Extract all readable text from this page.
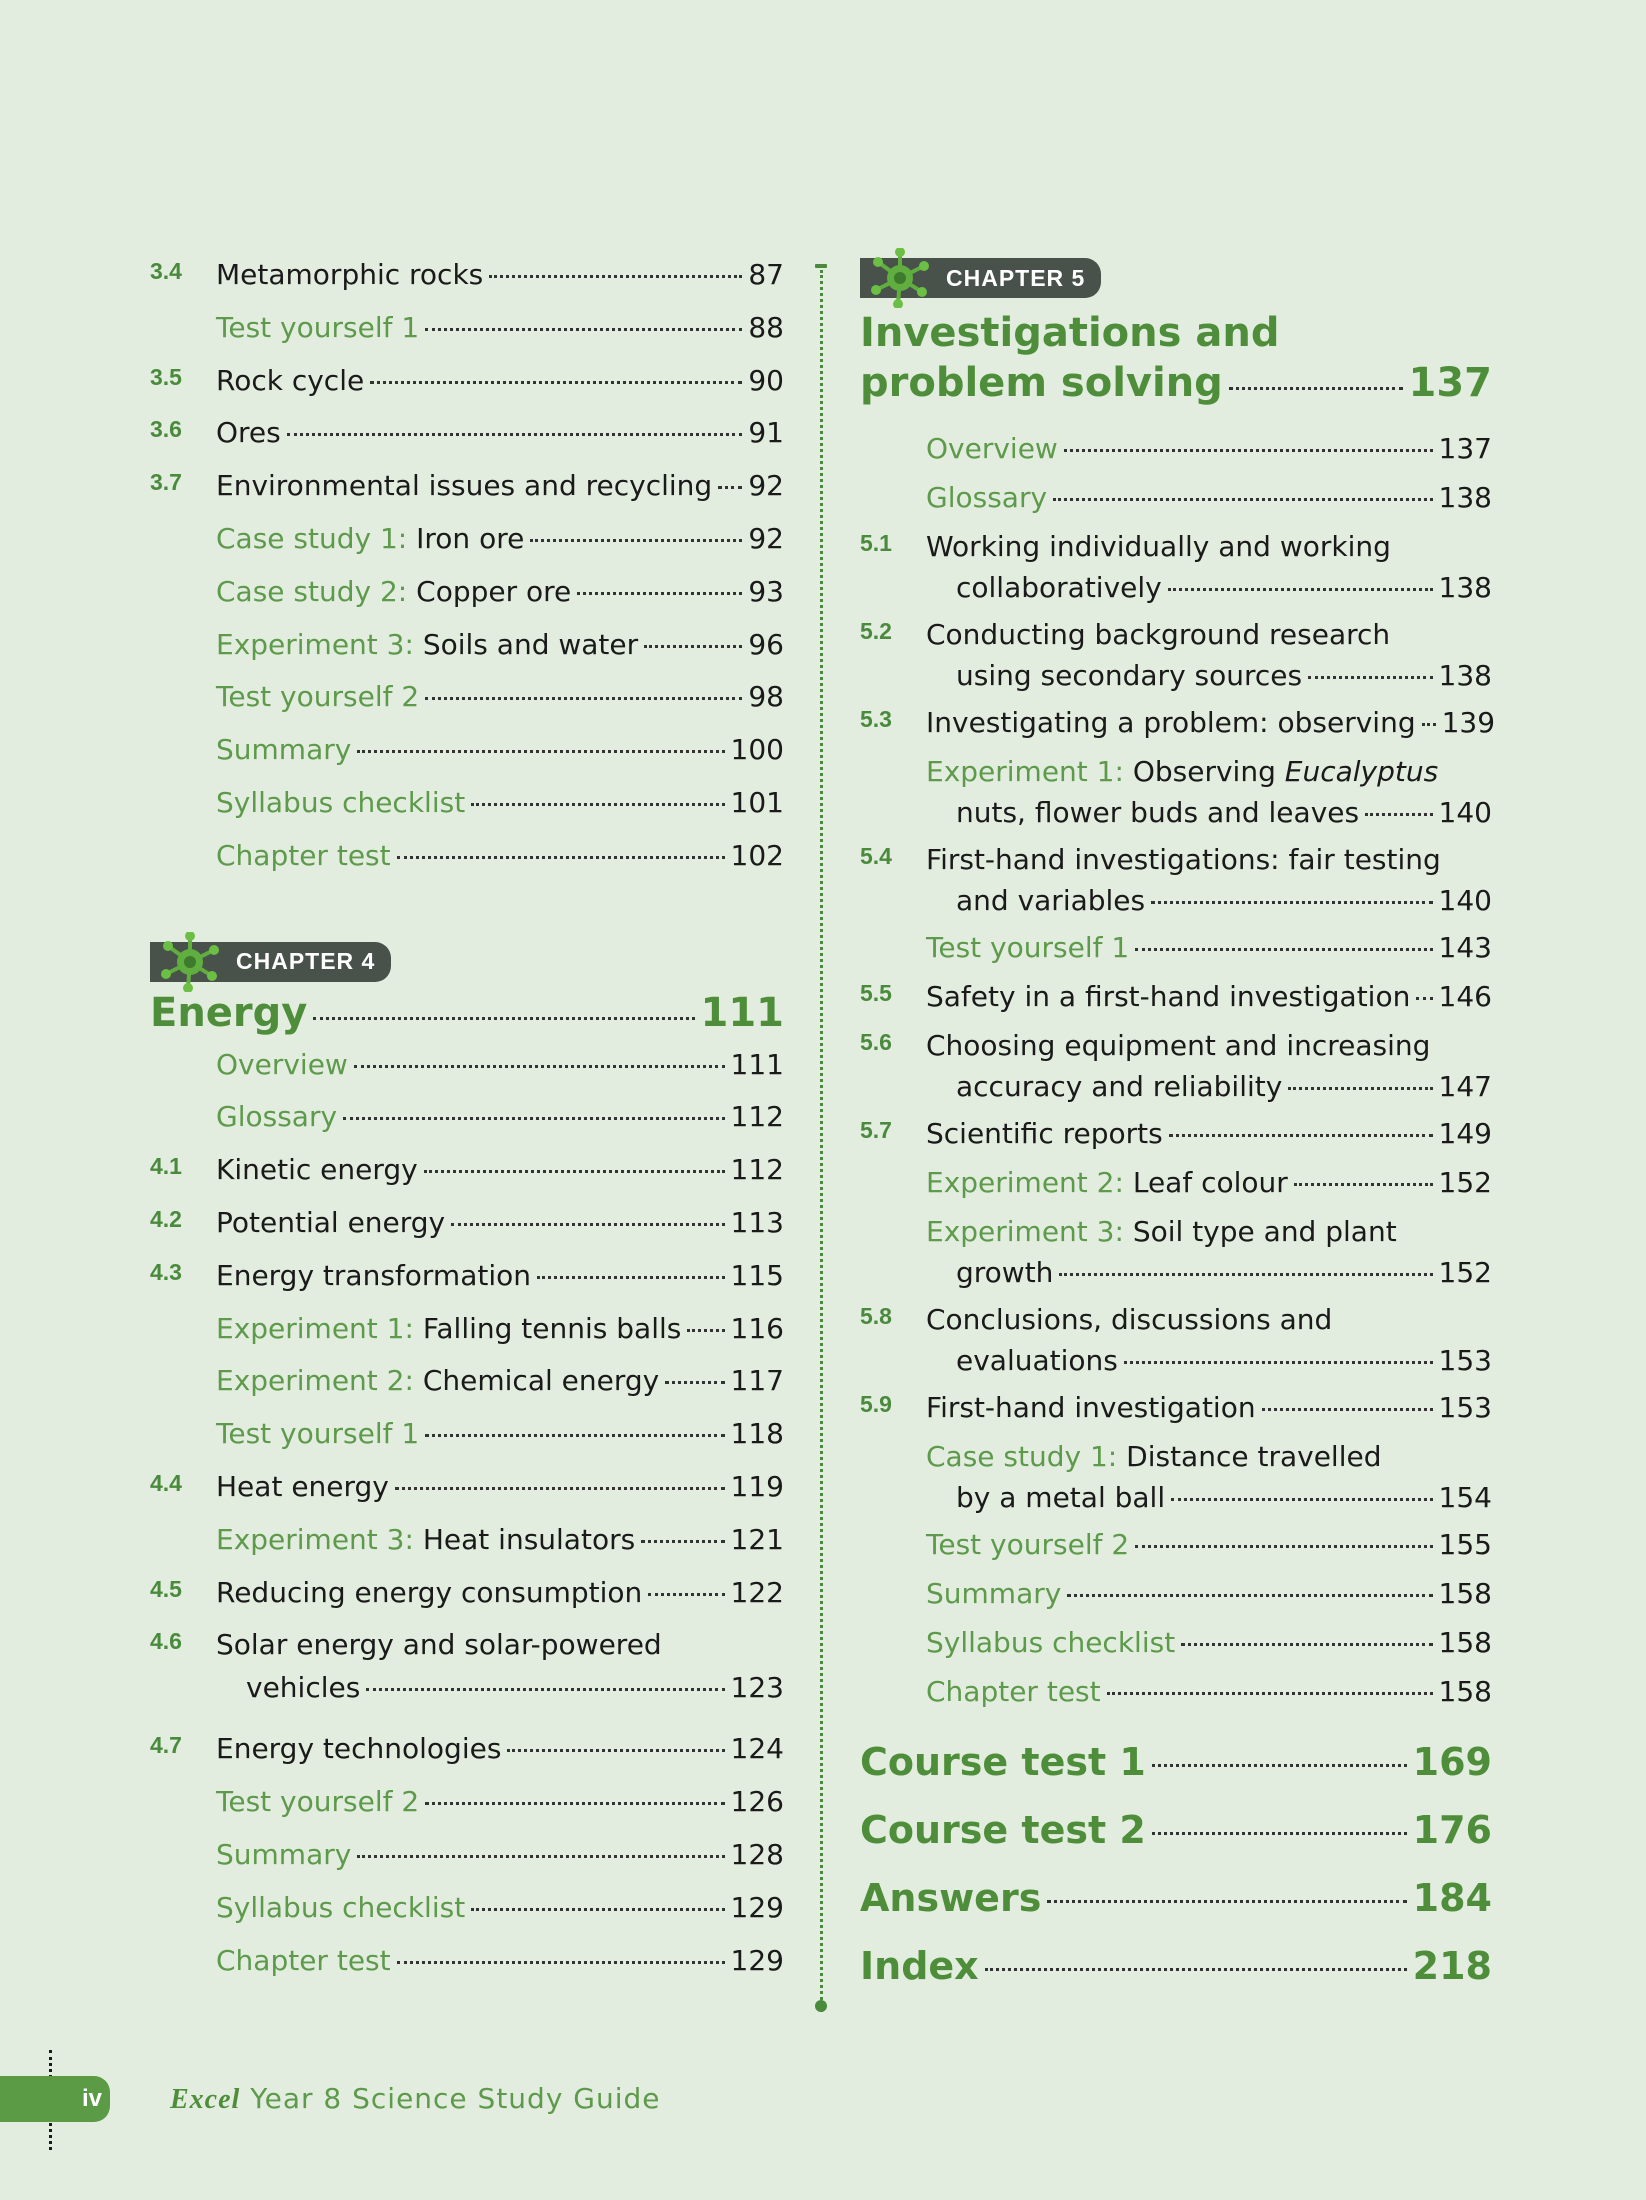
3.4	Metamorphic rocks	87
Test yourself 1	88
3.5	Rock cycle	90
3.6	Ores	91
3.7	Environmental issues and recycling 92
Case study 1: Iron ore	92
Case study 2: Copper ore	93
Experiment 3: Soils and water	96
Test yourself 2	98
Summary	100
Syllabus checklist	101
Chapter test	102
CHAPTER 4
Energy	111
Overview	111
Glossary	112
4.1	Kinetic energy	112
4.2	Potential energy	113
4.3	Energy transformation	115
Experiment 1: Falling tennis balls 116
Experiment 2: Chemical energy	117
Test yourself 1	118
4.4	Heat energy	119
Experiment 3: Heat insulators	121
4.5	Reducing energy consumption	122
4.6	Solar energy and solar-powered
vehicles	123
4.7	Energy technologies	124
Test yourself 2	126
Summary	128
Syllabus checklist	129
Chapter test	129
CHAPTER 5
Investigations and
problem solving	137
Overview	137
Glossary	138
5.1	Working individually and working
collaboratively	138
5.2	Conducting background research
using secondary sources	138
5.3	Investigating a problem: observing 139
Experiment 1: Observing Eucalyptus
nuts, flower buds and leaves	140
5.4	First-hand investigations: fair testing
and variables	140
Test yourself 1	143
5.5	Safety in a first-hand investigation 146
5.6	Choosing equipment and increasing
accuracy and reliability	147
5.7	Scientific reports	149
Experiment 2: Leaf colour	152
Experiment 3: Soil type and plant
growth	152
5.8	Conclusions, discussions and
evaluations	153
5.9	First-hand investigation	153
Case study 1: Distance travelled
by a metal ball	154
Test yourself 2	155
Summary	158
Syllabus checklist	158
Chapter test	158
Course test 1	169
Course test 2	176
Answers	184
Index	218
iv Excel Year 8 Science Study Guide
